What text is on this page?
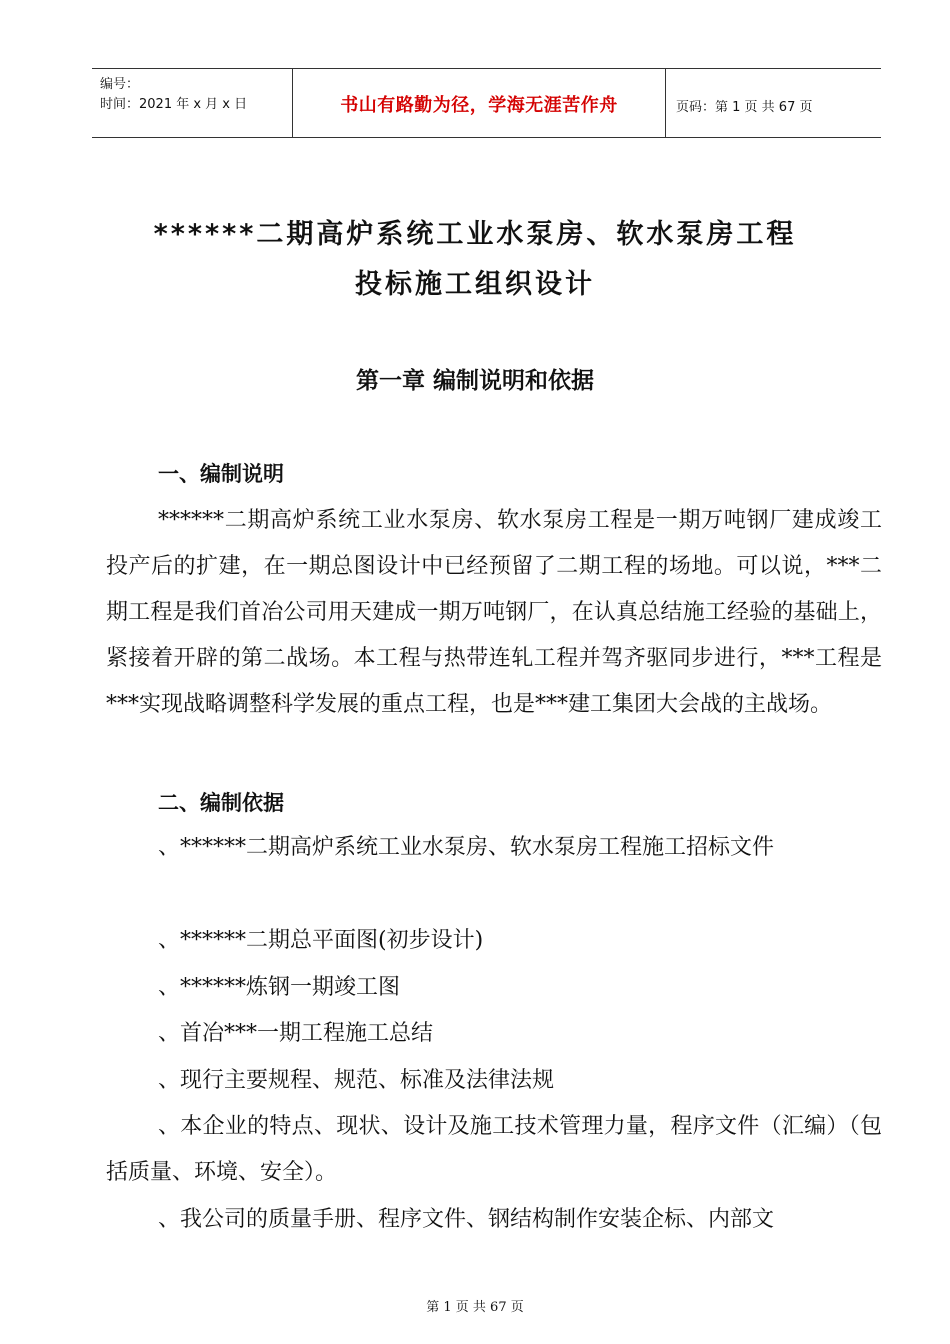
编号：
时间：2021 年 x 月 x 日	书山有路勤为径，学海无涯苦作舟	页码：第 1 页 共 67 页
******二期高炉系统工业水泵房、软水泵房工程
投标施工组织设计
第一章 编制说明和依据
一、编制说明
******二期高炉系统工业水泵房、软水泵房工程是一期万吨钢厂建成竣工投产后的扩建，在一期总图设计中已经预留了二期工程的场地。可以说，***二期工程是我们首冶公司用天建成一期万吨钢厂，在认真总结施工经验的基础上，紧接着开辟的第二战场。本工程与热带连轧工程并驾齐驱同步进行，***工程是***实现战略调整科学发展的重点工程，也是***建工集团大会战的主战场。
二、编制依据
、******二期高炉系统工业水泵房、软水泵房工程施工招标文件
、******二期总平面图(初步设计)
、******炼钢一期竣工图
、首冶***一期工程施工总结
、现行主要规程、规范、标准及法律法规
、本企业的特点、现状、设计及施工技术管理力量，程序文件（汇编）（包括质量、环境、安全）。
、我公司的质量手册、程序文件、钢结构制作安装企标、内部文
第 1 页 共 67 页
